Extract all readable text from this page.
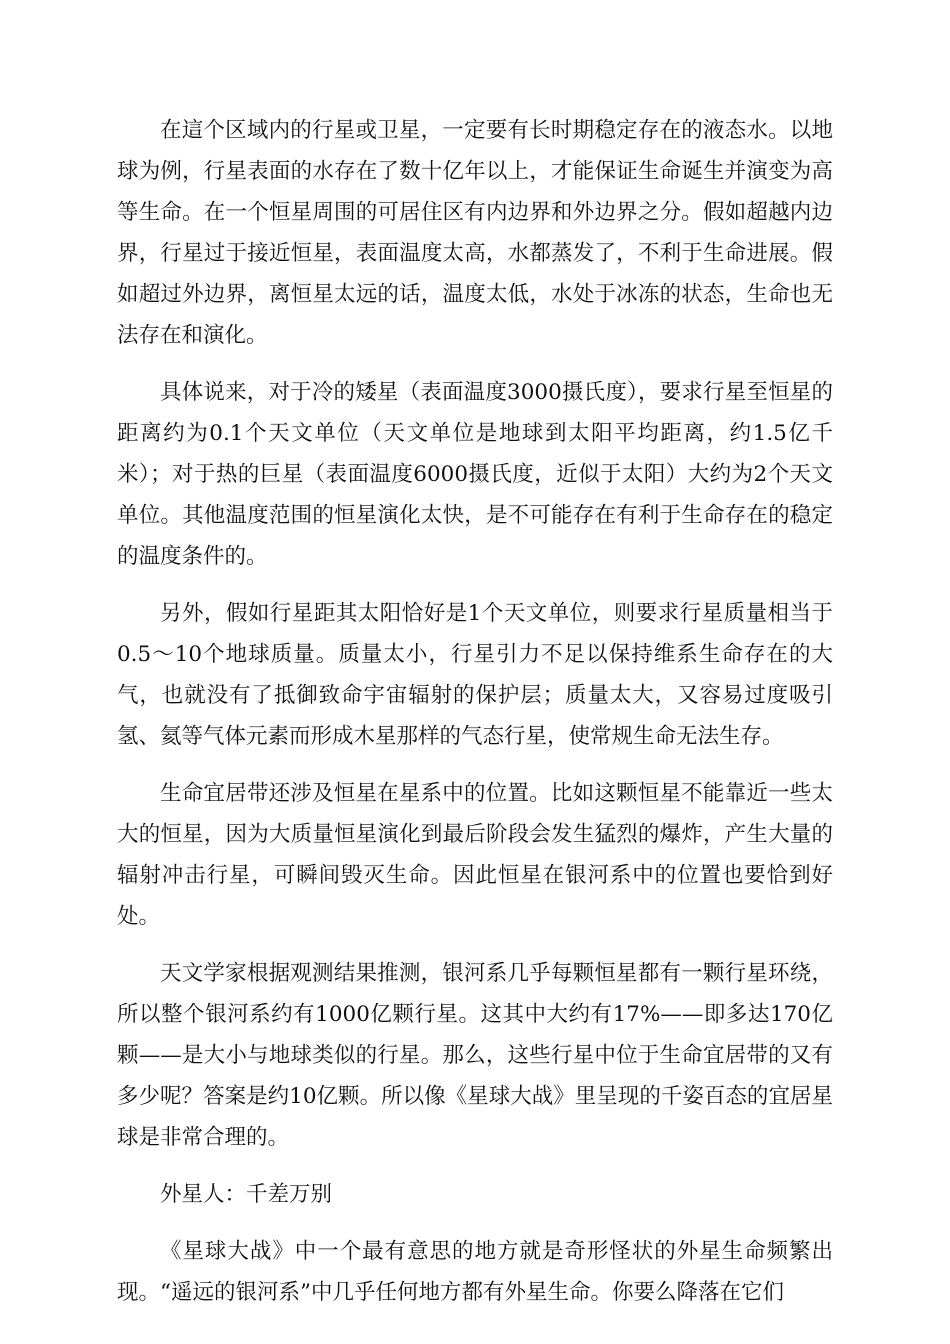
在這个区域内的行星或卫星，一定要有长时期稳定存在的液态水。以地球为例，行星表面的水存在了数十亿年以上，才能保证生命诞生并演变为高等生命。在一个恒星周围的可居住区有内边界和外边界之分。假如超越内边界，行星过于接近恒星，表面温度太高，水都蒸发了，不利于生命进展。假如超过外边界，离恒星太远的话，温度太低，水处于冰冻的状态，生命也无法存在和演化。

具体说来，对于冷的矮星（表面温度3000摄氏度），要求行星至恒星的距离约为0.1个天文单位（天文单位是地球到太阳平均距离，约1.5亿千米）；对于热的巨星（表面温度6000摄氏度，近似于太阳）大约为2个天文单位。其他温度范围的恒星演化太快，是不可能存在有利于生命存在的稳定的温度条件的。

另外，假如行星距其太阳恰好是1个天文单位，则要求行星质量相当于0.5～10个地球质量。质量太小，行星引力不足以保持维系生命存在的大气，也就没有了抵御致命宇宙辐射的保护层；质量太大，又容易过度吸引氢、氦等气体元素而形成木星那样的气态行星，使常规生命无法生存。

生命宜居带还涉及恒星在星系中的位置。比如这颗恒星不能靠近一些太大的恒星，因为大质量恒星演化到最后阶段会发生猛烈的爆炸，产生大量的辐射冲击行星，可瞬间毁灭生命。因此恒星在银河系中的位置也要恰到好处。

天文学家根据观测结果推测，银河系几乎每颗恒星都有一颗行星环绕，所以整个银河系约有1000亿颗行星。这其中大约有17%——即多达170亿颗——是大小与地球类似的行星。那么，这些行星中位于生命宜居带的又有多少呢？答案是约10亿颗。所以像《星球大战》里呈现的千姿百态的宜居星球是非常合理的。

外星人：千差万别

《星球大战》中一个最有意思的地方就是奇形怪状的外星生命频繁出现。“遥远的银河系”中几乎任何地方都有外星生命。你要么降落在它们
